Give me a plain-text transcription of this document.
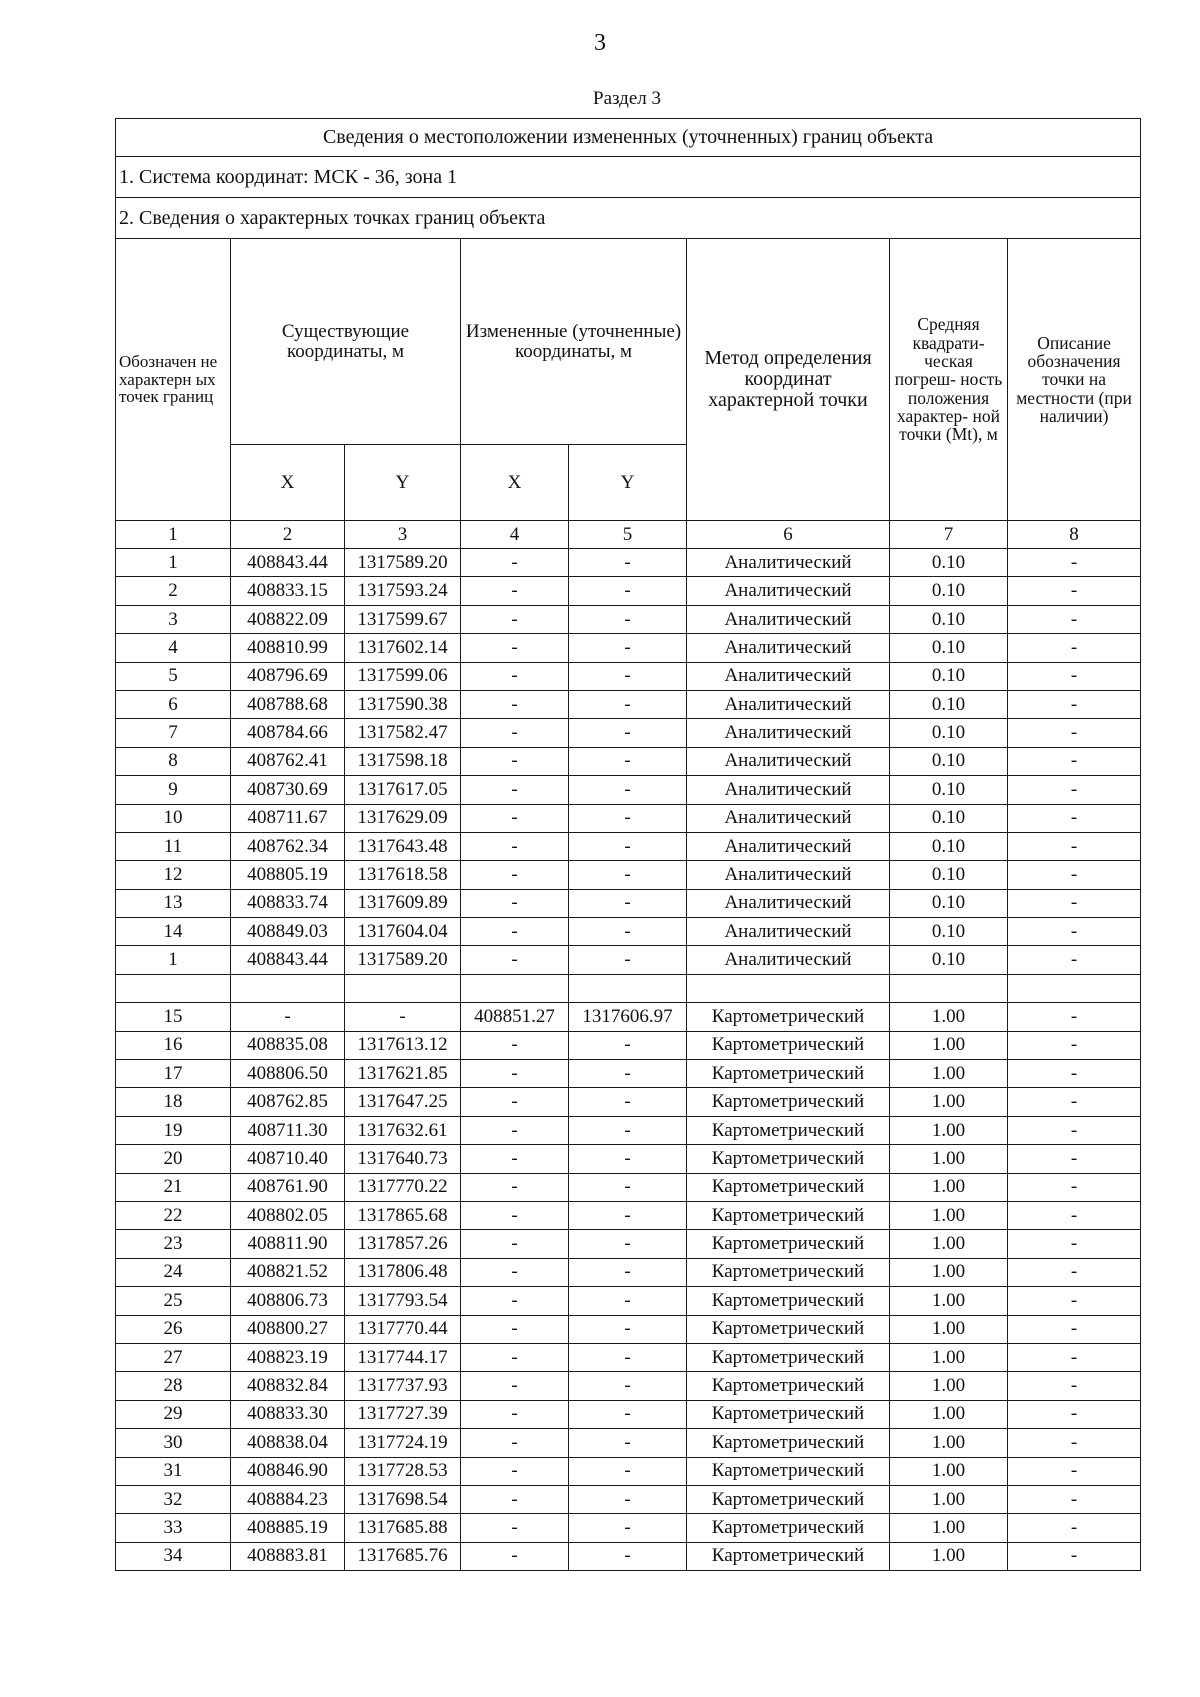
3
Раздел 3
Сведения о местоположении измененных (уточненных) границ объекта							
1. Система координат: МСК - 36, зона 1							
2. Сведения о характерных точках границ объекта							
Обозначен не характерн ых точек границ	Существующие координаты, м		Измененные (уточненные) координаты, м		Метод определения координат характерной точки	Средняя квадрати- ческая погреш- ность положения характер- ной точки (Mt), м	Описание обозначения точки на местности (при наличии)
	X	Y	X	Y			
1	2	3	4	5	6	7	8
1	408843.44	1317589.20	-	-	Аналитический	0.10	-
2	408833.15	1317593.24	-	-	Аналитический	0.10	-
3	408822.09	1317599.67	-	-	Аналитический	0.10	-
4	408810.99	1317602.14	-	-	Аналитический	0.10	-
5	408796.69	1317599.06	-	-	Аналитический	0.10	-
6	408788.68	1317590.38	-	-	Аналитический	0.10	-
7	408784.66	1317582.47	-	-	Аналитический	0.10	-
8	408762.41	1317598.18	-	-	Аналитический	0.10	-
9	408730.69	1317617.05	-	-	Аналитический	0.10	-
10	408711.67	1317629.09	-	-	Аналитический	0.10	-
11	408762.34	1317643.48	-	-	Аналитический	0.10	-
12	408805.19	1317618.58	-	-	Аналитический	0.10	-
13	408833.74	1317609.89	-	-	Аналитический	0.10	-
14	408849.03	1317604.04	-	-	Аналитический	0.10	-
1	408843.44	1317589.20	-	-	Аналитический	0.10	-

15	-	-	408851.27	1317606.97	Картометрический	1.00	-
16	408835.08	1317613.12	-	-	Картометрический	1.00	-
17	408806.50	1317621.85	-	-	Картометрический	1.00	-
18	408762.85	1317647.25	-	-	Картометрический	1.00	-
19	408711.30	1317632.61	-	-	Картометрический	1.00	-
20	408710.40	1317640.73	-	-	Картометрический	1.00	-
21	408761.90	1317770.22	-	-	Картометрический	1.00	-
22	408802.05	1317865.68	-	-	Картометрический	1.00	-
23	408811.90	1317857.26	-	-	Картометрический	1.00	-
24	408821.52	1317806.48	-	-	Картометрический	1.00	-
25	408806.73	1317793.54	-	-	Картометрический	1.00	-
26	408800.27	1317770.44	-	-	Картометрический	1.00	-
27	408823.19	1317744.17	-	-	Картометрический	1.00	-
28	408832.84	1317737.93	-	-	Картометрический	1.00	-
29	408833.30	1317727.39	-	-	Картометрический	1.00	-
30	408838.04	1317724.19	-	-	Картометрический	1.00	-
31	408846.90	1317728.53	-	-	Картометрический	1.00	-
32	408884.23	1317698.54	-	-	Картометрический	1.00	-
33	408885.19	1317685.88	-	-	Картометрический	1.00	-
34	408883.81	1317685.76	-	-	Картометрический	1.00	-
